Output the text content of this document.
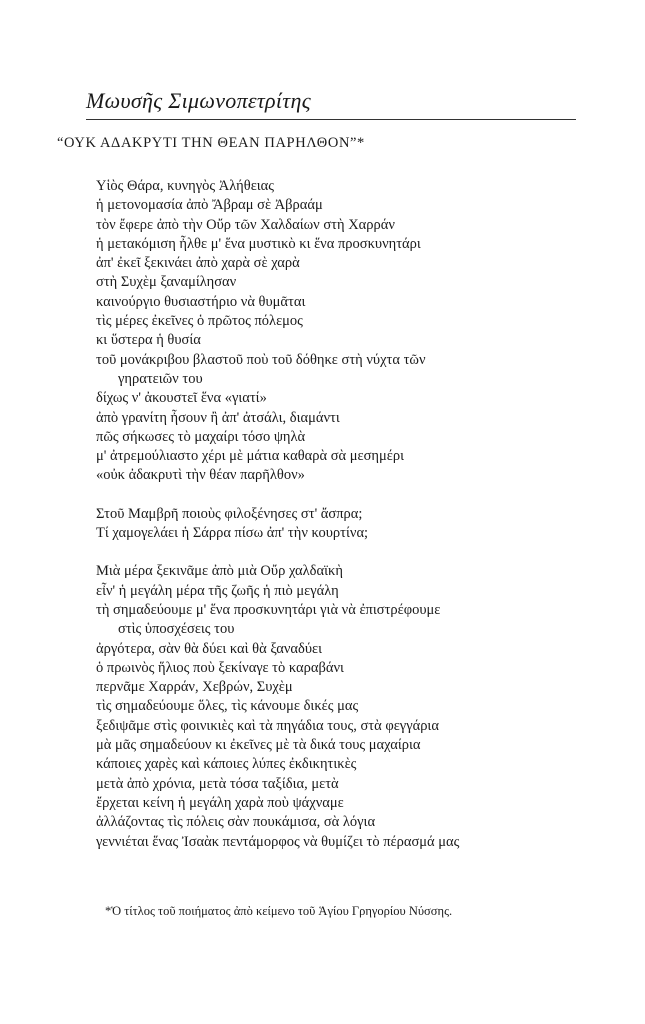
Μωυσῆς Σιμωνοπετρίτης
“ΟΥΚ ΑΔΑΚΡΥΤΙ ΤΗΝ ΘΕΑΝ ΠΑΡΗΛΘΟΝ”*
Υἱὸς Θάρα, κυνηγὸς Ἀλήθειας
ἡ μετονομασία ἀπὸ Ἄβραμ σὲ Ἀβραάμ
τὸν ἔφερε ἀπὸ τὴν Οὔρ τῶν Χαλδαίων στὴ Χαρράν
ἡ μετακόμιση ἦλθε μ' ἕνα μυστικὸ κι ἕνα προσκυνητάρι
ἀπ' ἐκεῖ ξεκινάει ἀπὸ χαρὰ σὲ χαρὰ
στὴ Συχὲμ ξαναμίλησαν
καινούργιο θυσιαστήριο νὰ θυμᾶται
τὶς μέρες ἐκεῖνες ὁ πρῶτος πόλεμος
κι ὕστερα ἡ θυσία
τοῦ μονάκριβου βλαστοῦ ποὺ τοῦ δόθηκε στὴ νύχτα τῶν
γηρατειῶν του
δίχως ν' ἀκουστεῖ ἕνα «γιατί»
ἀπὸ γρανίτη ἦσουν ἢ ἀπ' ἀτσάλι, διαμάντι
πῶς σήκωσες τὸ μαχαίρι τόσο ψηλὰ
μ' ἀτρεμούλιαστο χέρι μὲ μάτια καθαρὰ σὰ μεσημέρι
«οὐκ ἀδακρυτὶ τὴν θέαν παρῆλθον»
Στοῦ Μαμβρῆ ποιοὺς φιλοξένησες στ' ἄσπρα;
Τί χαμογελάει ἡ Σάρρα πίσω ἀπ' τὴν κουρτίνα;
Μιὰ μέρα ξεκινᾶμε ἀπὸ μιὰ Οὔρ χαλδαϊκὴ
εἶν' ἡ μεγάλη μέρα τῆς ζωῆς ἡ πιὸ μεγάλη
τὴ σημαδεύουμε μ' ἕνα προσκυνητάρι γιὰ νὰ ἐπιστρέφουμε
στὶς ὑποσχέσεις του
ἀργότερα, σὰν θὰ δύει καὶ θὰ ξαναδύει
ὁ πρωινὸς ἥλιος ποὺ ξεκίναγε τὸ καραβάνι
περνᾶμε Χαρράν, Χεβρών, Συχὲμ
τὶς σημαδεύουμε ὅλες, τὶς κάνουμε δικές μας
ξεδιψᾶμε στὶς φοινικιὲς καὶ τὰ πηγάδια τους, στὰ φεγγάρια
μὰ μᾶς σημαδεύουν κι ἐκεῖνες μὲ τὰ δικά τους μαχαίρια
κάποιες χαρὲς καὶ κάποιες λύπες ἐκδικητικὲς
μετὰ ἀπὸ χρόνια, μετὰ τόσα ταξίδια, μετὰ
ἔρχεται κείνη ἡ μεγάλη χαρὰ ποὺ ψάχναμε
ἀλλάζοντας τὶς πόλεις σὰν πουκάμισα, σὰ λόγια
γεννιέται ἕνας Ἰσαὰκ πεντάμορφος νὰ θυμίζει τὸ πέρασμά μας
*Ὁ τίτλος τοῦ ποιήματος ἀπὸ κείμενο τοῦ Ἁγίου Γρηγορίου Νύσσης.
